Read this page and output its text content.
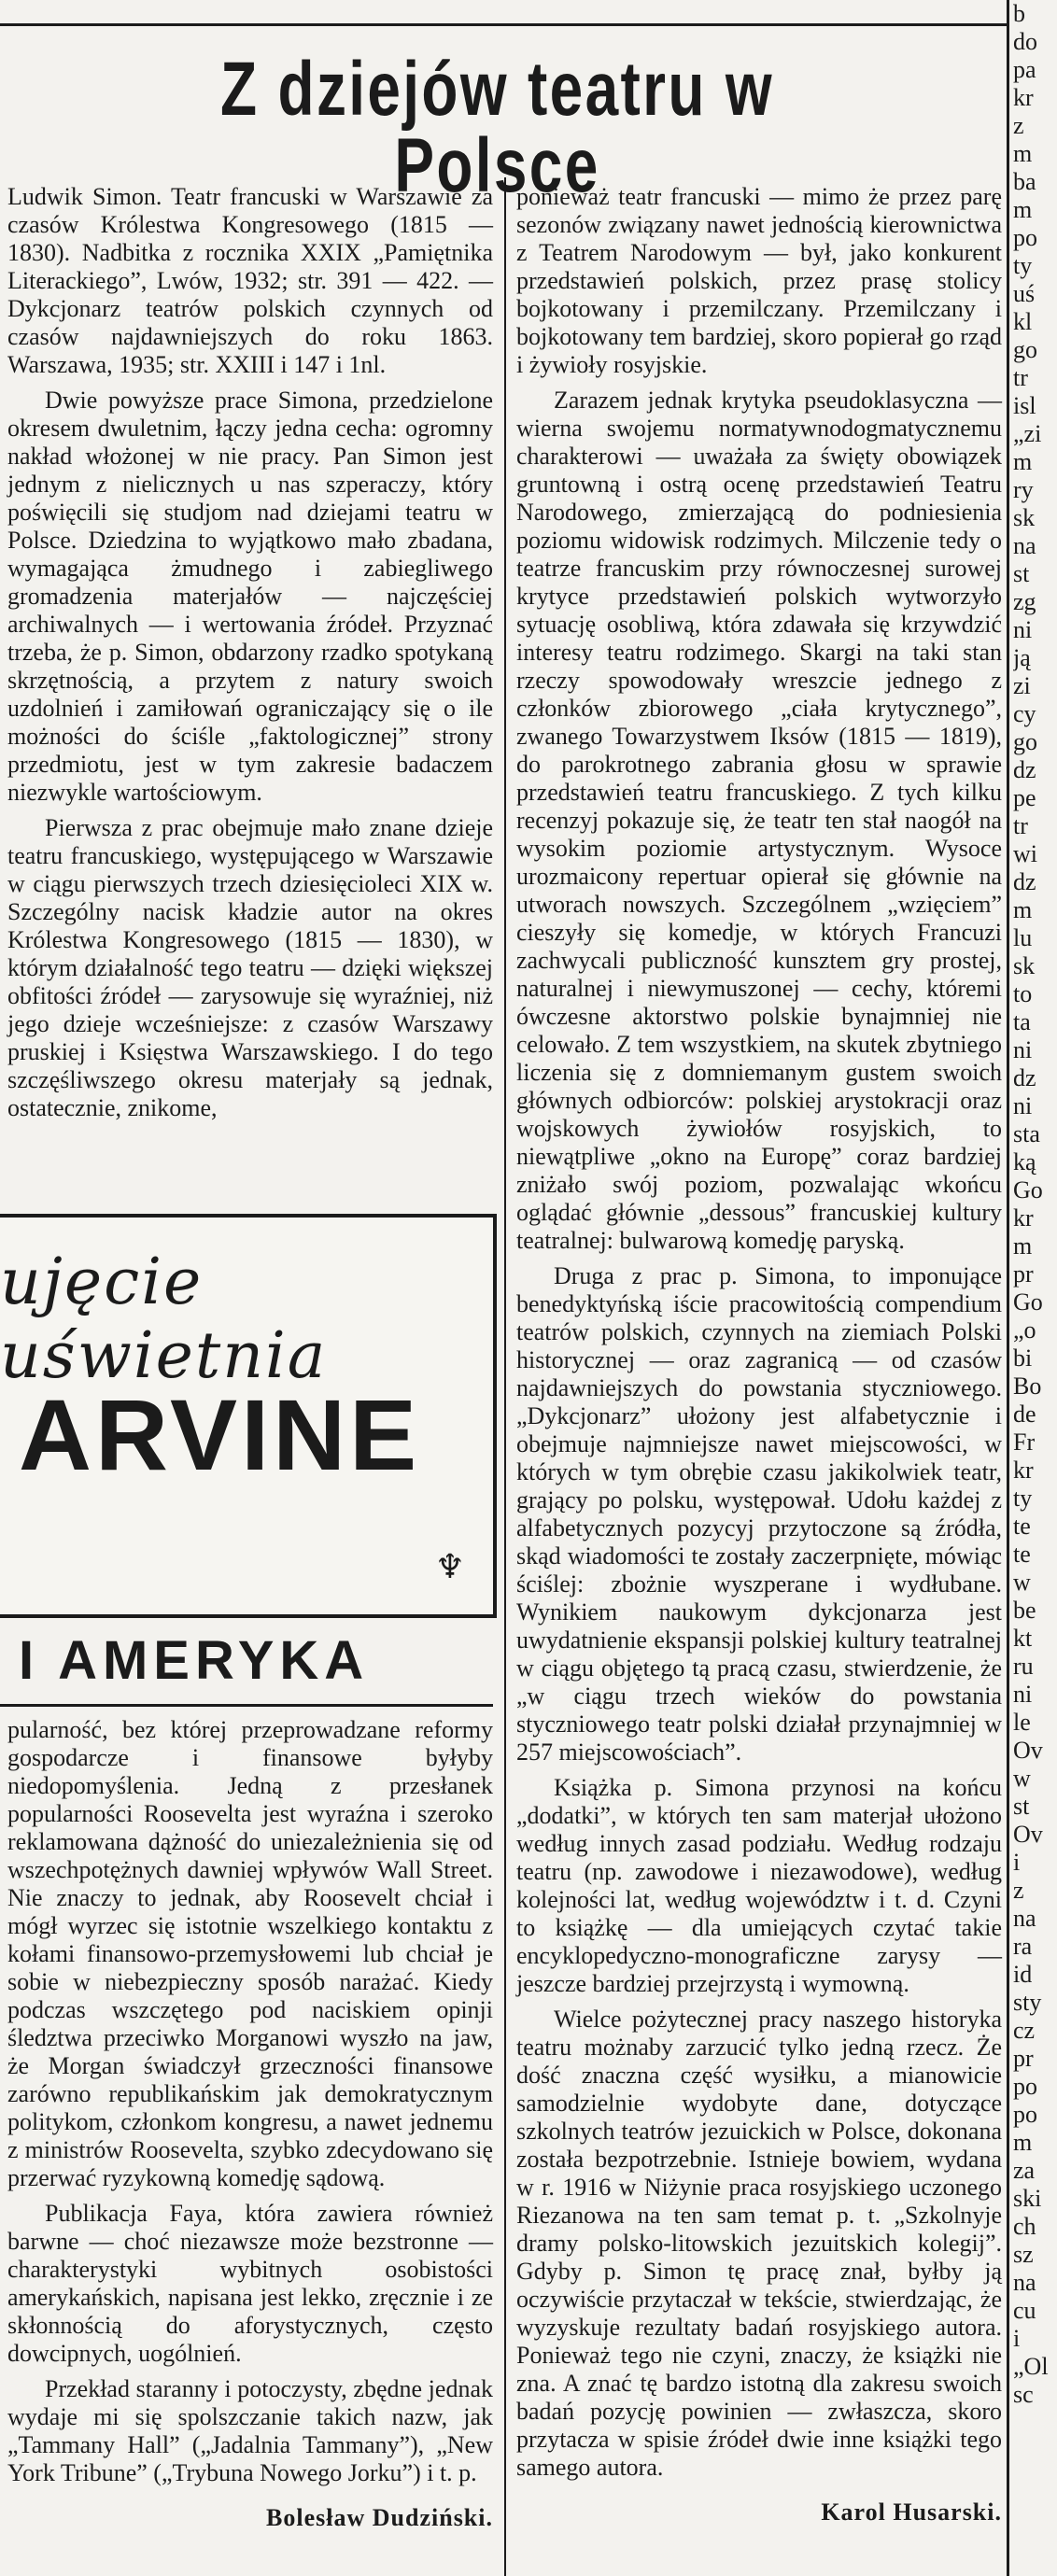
Z dziejów teatru w Polsce

Ludwik Simon. Teatr francuski w Warszawie za czasów Królestwa Kongresowego (1815 — 1830). Nadbitka z rocznika XXIX „Pamiętnika Literackiego”, Lwów, 1932; str. 391 — 422. — Dykcjonarz teatrów polskich czynnych od czasów najdawniejszych do roku 1863. Warszawa, 1935; str. XXIII i 147 i 1nl.

Dwie powyższe prace Simona, przedzielone okresem dwuletnim, łączy jedna cecha: ogromny nakład włożonej w nie pracy. Pan Simon jest jednym z nielicznych u nas szperaczy, który poświęcili się studjom nad dziejami teatru w Polsce. Dziedzina to wyjątkowo mało zbadana, wymagająca żmudnego i zabiegliwego gromadzenia materjałów — najczęściej archiwalnych — i wertowania źródeł. Przyznać trzeba, że p. Simon, obdarzony rzadko spotykaną skrzętnością, a przytem z natury swoich uzdolnień i zamiłowań ograniczający się o ile możności do ściśle „faktologicznej” strony przedmiotu, jest w tym zakresie badaczem niezwykle wartościowym.

Pierwsza z prac obejmuje mało znane dzieje teatru francuskiego, występującego w Warszawie w ciągu pierwszych trzech dziesięcioleci XIX w. Szczególny nacisk kładzie autor na okres Królestwa Kongresowego (1815 — 1830), w którym działalność tego teatru — dzięki większej obfitości źródeł — zarysowuje się wyraźniej, niż jego dzieje wcześniejsze: z czasów Warszawy pruskiej i Księstwa Warszawskiego. I do tego szczęśliwszego okresu materjały są jednak, ostatecznie, znikome,

ujęcie uświetnia
ARVINE
♆
I AMERYKA

pularność, bez której przeprowadzane reformy gospodarcze i finansowe byłyby niedopomyślenia. Jedną z przesłanek popularności Roosevelta jest wyraźna i szeroko reklamowana dążność do uniezależnienia się od wszechpotężnych dawniej wpływów Wall Street. Nie znaczy to jednak, aby Roosevelt chciał i mógł wyrzec się istotnie wszelkiego kontaktu z kołami finansowo-przemysłowemi lub chciał je sobie w niebezpieczny sposób narażać. Kiedy podczas wszczętego pod naciskiem opinji śledztwa przeciwko Morganowi wyszło na jaw, że Morgan świadczył grzeczności finansowe zarówno republikańskim jak demokratycznym politykom, członkom kongresu, a nawet jednemu z ministrów Roosevelta, szybko zdecydowano się przerwać ryzykowną komedję sądową.

Publikacja Faya, która zawiera również barwne — choć niezawsze może bezstronne — charakterystyki wybitnych osobistości amerykańskich, napisana jest lekko, zręcznie i ze skłonnością do aforystycznych, często dowcipnych, uogólnień.

Przekład staranny i potoczysty, zbędne jednak wydaje mi się spolszczanie takich nazw, jak „Tammany Hall” („Jadalnia Tammany”), „New York Tribune” („Trybuna Nowego Jorku”) i t. p.

Bolesław Dudziński.

ponieważ teatr francuski — mimo że przez parę sezonów związany nawet jednością kierownictwa z Teatrem Narodowym — był, jako konkurent przedstawień polskich, przez prasę stolicy bojkotowany i przemilczany. Przemilczany i bojkotowany tem bardziej, skoro popierał go rząd i żywioły rosyjskie.

Zarazem jednak krytyka pseudoklasyczna — wierna swojemu normatywnodogmatycznemu charakterowi — uważała za święty obowiązek gruntowną i ostrą ocenę przedstawień Teatru Narodowego, zmierzającą do podniesienia poziomu widowisk rodzimych. Milczenie tedy o teatrze francuskim przy równoczesnej surowej krytyce przedstawień polskich wytworzyło sytuację osobliwą, która zdawała się krzywdzić interesy teatru rodzimego. Skargi na taki stan rzeczy spowodowały wreszcie jednego z członków zbiorowego „ciała krytycznego”, zwanego Towarzystwem Iksów (1815 — 1819), do parokrotnego zabrania głosu w sprawie przedstawień teatru francuskiego. Z tych kilku recenzyj pokazuje się, że teatr ten stał naogół na wysokim poziomie artystycznym. Wysoce urozmaicony repertuar opierał się głównie na utworach nowszych. Szczególnem „wzięciem” cieszyły się komedje, w których Francuzi zachwycali publiczność kunsztem gry prostej, naturalnej i niewymuszonej — cechy, któremi ówczesne aktorstwo polskie bynajmniej nie celowało. Z tem wszystkiem, na skutek zbytniego liczenia się z domniemanym gustem swoich głównych odbiorców: polskiej arystokracji oraz wojskowych żywiołów rosyjskich, to niewątpliwe „okno na Europę” coraz bardziej zniżało swój poziom, pozwalając wkońcu oglądać głównie „dessous” francuskiej kultury teatralnej: bulwarową komedję paryską.

Druga z prac p. Simona, to imponujące benedyktyńską iście pracowitością compendium teatrów polskich, czynnych na ziemiach Polski historycznej — oraz zagranicą — od czasów najdawniejszych do powstania styczniowego. „Dykcjonarz” ułożony jest alfabetycznie i obejmuje najmniejsze nawet miejscowości, w których w tym obrębie czasu jakikolwiek teatr, grający po polsku, występował. Udołu każdej z alfabetycznych pozycyj przytoczone są źródła, skąd wiadomości te zostały zaczerpnięte, mówiąc ściślej: zbożnie wyszperane i wydłubane. Wynikiem naukowym dykcjonarza jest uwydatnienie ekspansji polskiej kultury teatralnej w ciągu objętego tą pracą czasu, stwierdzenie, że „w ciągu trzech wieków do powstania styczniowego teatr polski działał przynajmniej w 257 miejscowościach”.

Książka p. Simona przynosi na końcu „dodatki”, w których ten sam materjał ułożono według innych zasad podziału. Według rodzaju teatru (np. zawodowe i niezawodowe), według kolejności lat, według województw i t. d. Czyni to książkę — dla umiejących czytać takie encyklopedyczno-monograficzne zarysy — jeszcze bardziej przejrzystą i wymowną.

Wielce pożytecznej pracy naszego historyka teatru możnaby zarzucić tylko jedną rzecz. Że dość znaczna część wysiłku, a mianowicie samodzielnie wydobyte dane, dotyczące szkolnych teatrów jezuickich w Polsce, dokonana została bezpotrzebnie. Istnieje bowiem, wydana w r. 1916 w Niżynie praca rosyjskiego uczonego Riezanowa na ten sam temat p. t. „Szkolnyje dramy polsko-litowskich jezuitskich kolegij”. Gdyby p. Simon tę pracę znał, byłby ją oczywiście przytaczał w tekście, stwierdzając, że wyzyskuje rezultaty badań rosyjskiego autora. Ponieważ tego nie czyni, znaczy, że książki nie zna. A znać tę bardzo istotną dla zakresu swoich badań pozycję powinien — zwłaszcza, skoro przytacza w spisie źródeł dwie inne książki tego samego autora.

Karol Husarski.
b
do
pa
kr
z
m
ba
m
po
ty
uś
kl
go
tr
isl
„zi
m
ry
sk
na
st
zg
ni
ją
zi
cy
go
dz
pe
tr
wi
dz
m
lu
sk
to
ta
ni
dz
ni
sta
ką
Go
kr
m
pr
Go
„o
bi
Bo
de
Fr
kr
ty
te
te
w
be
kt
ru
ni
le
Ov
w
st
Ov
i
z
na
ra
id
sty
cz
pr
po
po
m
za
ski
ch
sz
na
cu
i
„Ol
sc
